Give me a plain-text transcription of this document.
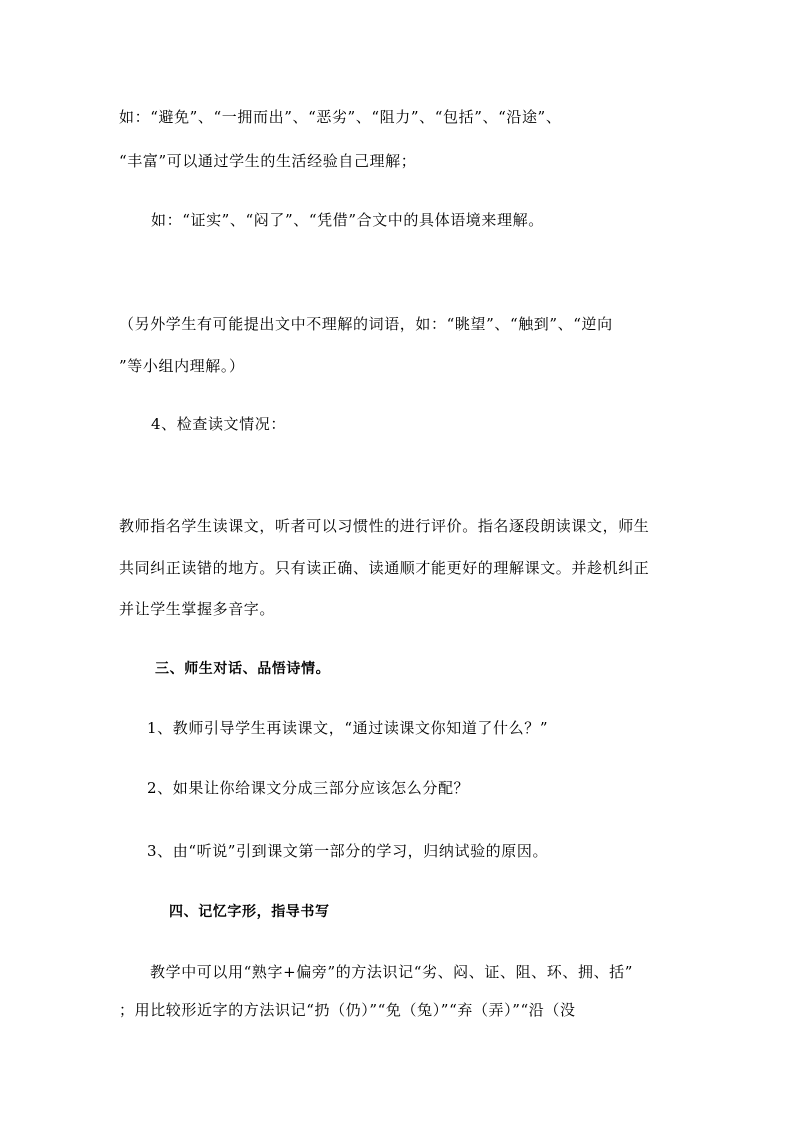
如：“避免”、“一拥而出”、“恶劣”、“阻力”、“包括”、“沿途”、
“丰富”可以通过学生的生活经验自己理解；
如：“证实”、“闷了”、“凭借”合文中的具体语境来理解。
（另外学生有可能提出文中不理解的词语，如：“眺望”、“触到”、“逆向
”等小组内理解。）
4、检查读文情况：
教师指名学生读课文，听者可以习惯性的进行评价。指名逐段朗读课文，师生
共同纠正读错的地方。只有读正确、读通顺才能更好的理解课文。并趁机纠正
并让学生掌握多音字。
三、师生对话、品悟诗情。
1、教师引导学生再读课文，“通过读课文你知道了什么？”
2、如果让你给课文分成三部分应该怎么分配？
3、由“听说”引到课文第一部分的学习，归纳试验的原因。
四、记忆字形，指导书写
教学中可以用“熟字+偏旁”的方法识记“劣、闷、证、阻、环、拥、括”
；用比较形近字的方法识记“扔（仍）”“免（兔）”“弃（弄）”“沿（没
